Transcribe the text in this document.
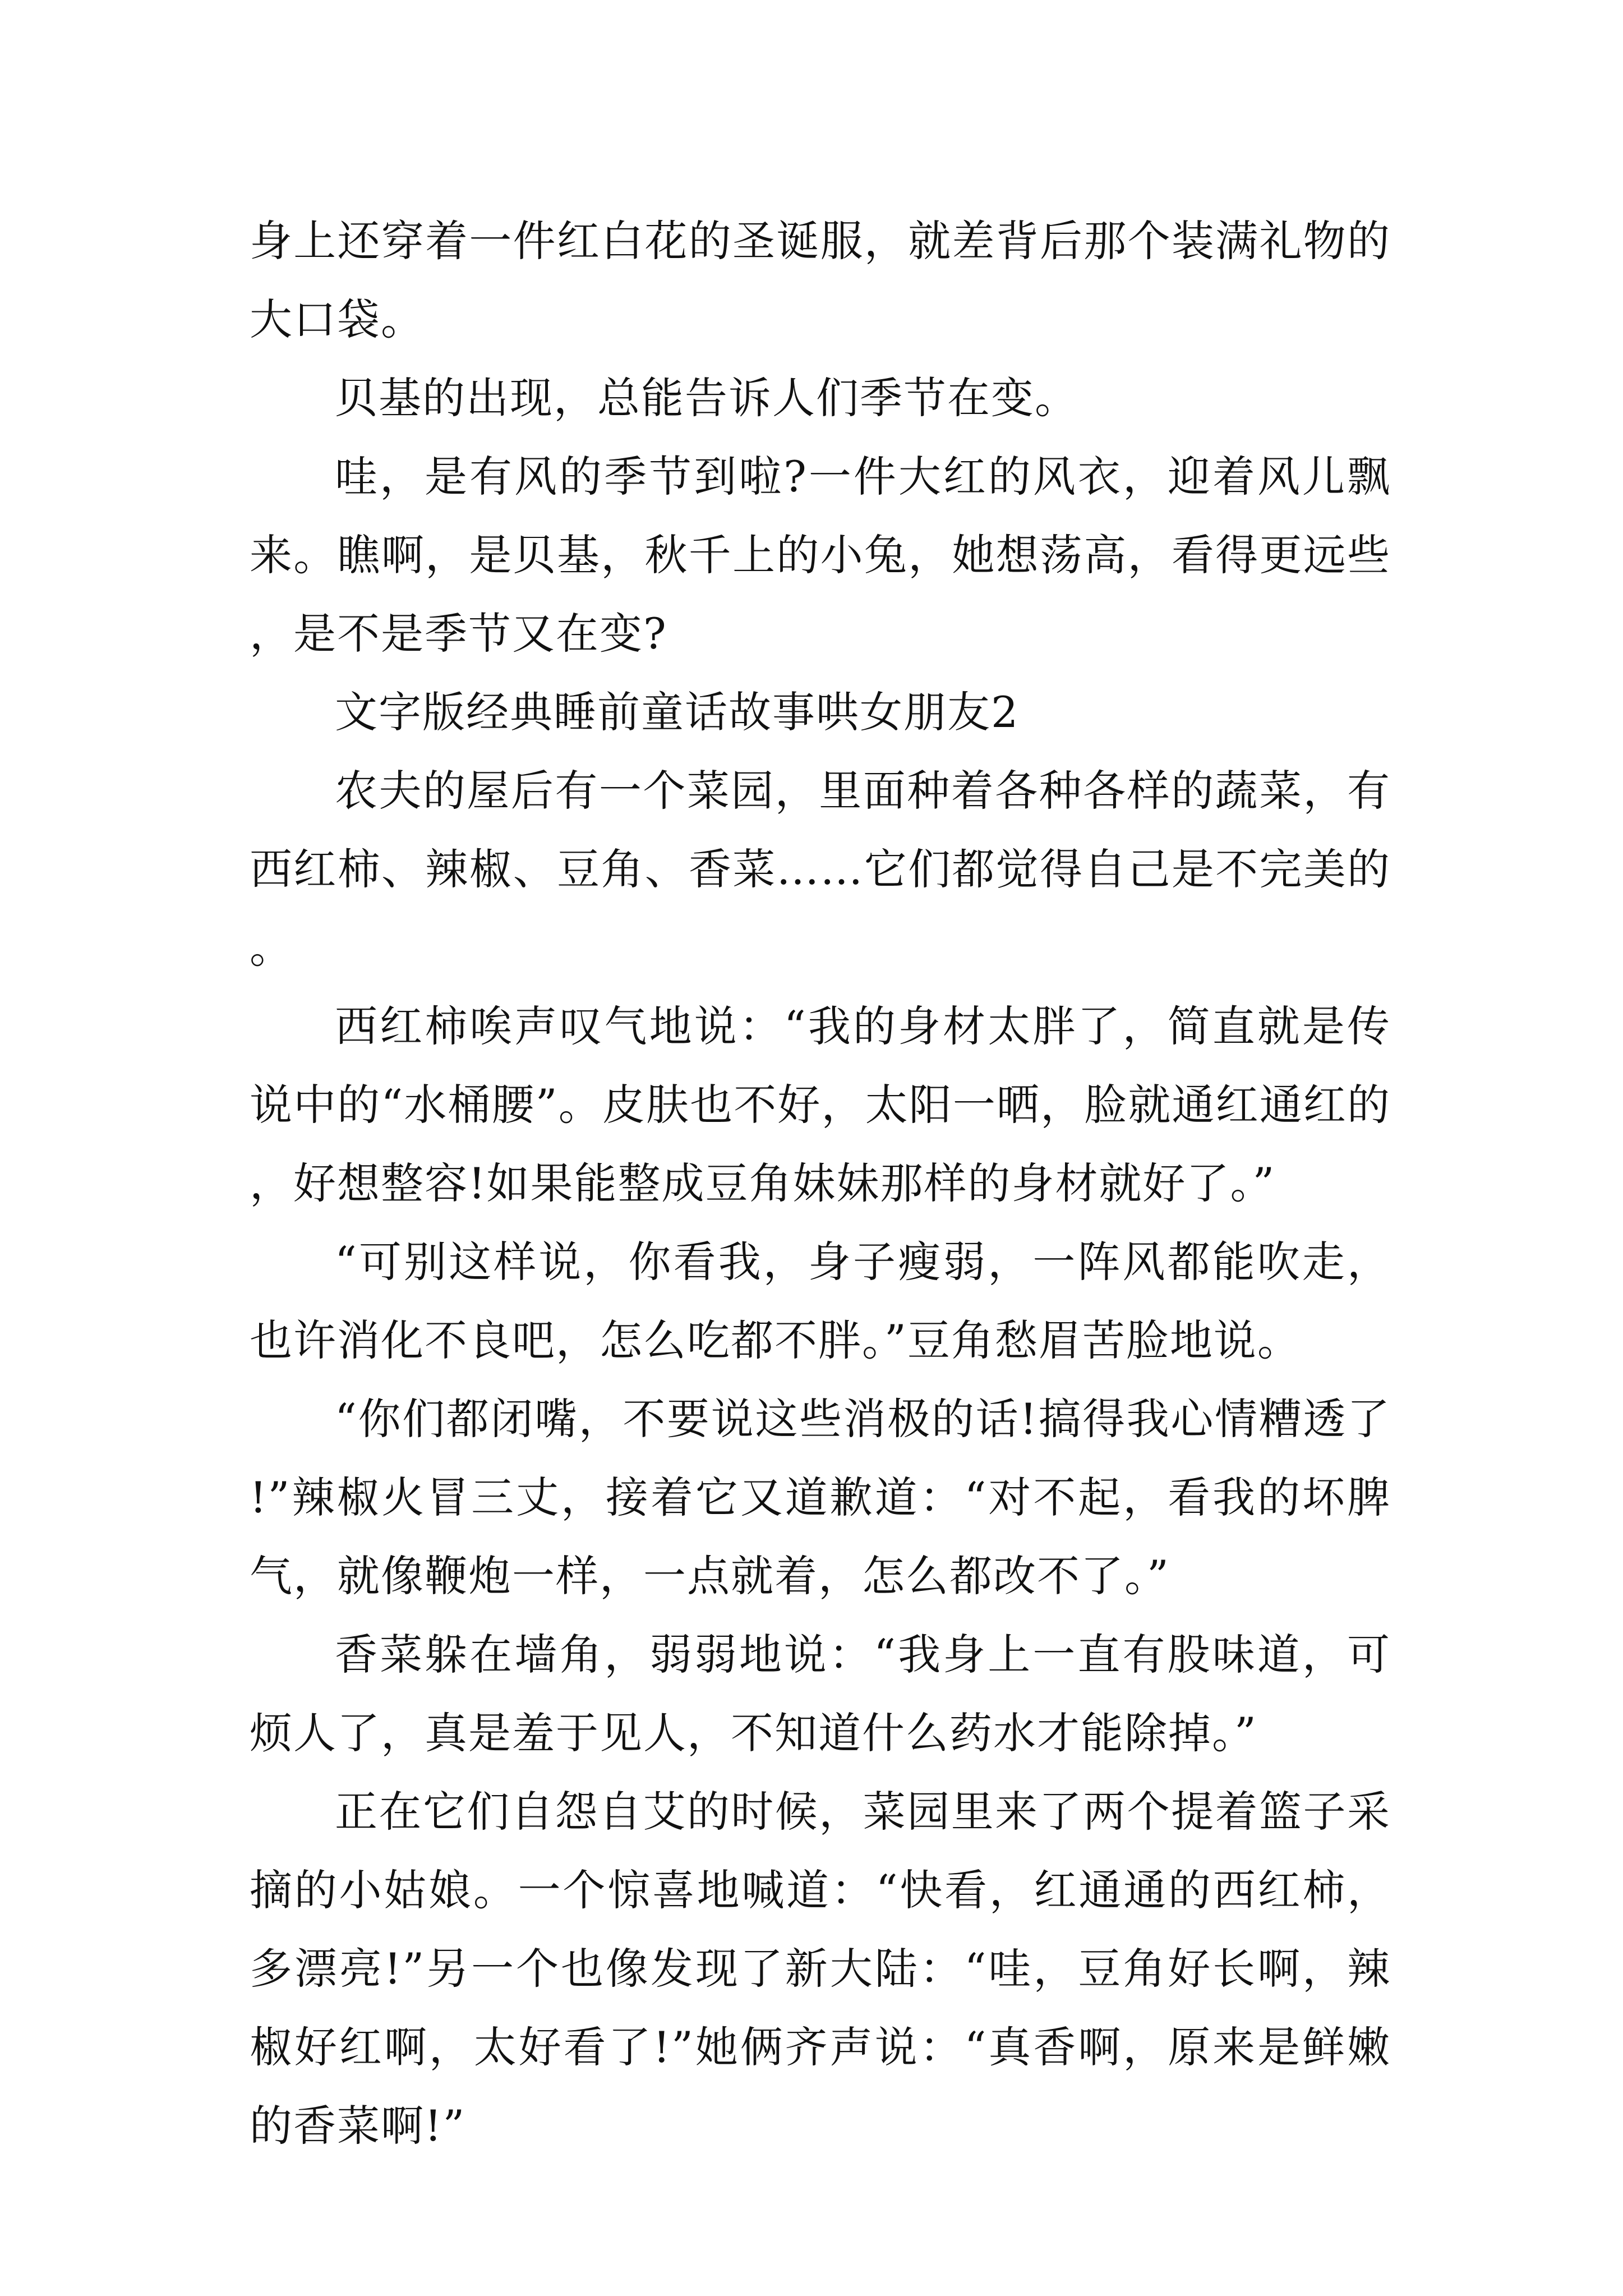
身上还穿着一件红白花的圣诞服，就差背后那个装满礼物的大口袋。

贝基的出现，总能告诉人们季节在变。

哇，是有风的季节到啦?一件大红的风衣，迎着风儿飘来。瞧啊，是贝基，秋千上的小兔，她想荡高，看得更远些，是不是季节又在变?

文字版经典睡前童话故事哄女朋友2

农夫的屋后有一个菜园，里面种着各种各样的蔬菜，有西红柿、辣椒、豆角、香菜……它们都觉得自己是不完美的。

西红柿唉声叹气地说：“我的身材太胖了，简直就是传说中的“水桶腰”。皮肤也不好，太阳一晒，脸就通红通红的，好想整容!如果能整成豆角妹妹那样的身材就好了。”

“可别这样说，你看我，身子瘦弱，一阵风都能吹走，也许消化不良吧，怎么吃都不胖。”豆角愁眉苦脸地说。

“你们都闭嘴，不要说这些消极的话!搞得我心情糟透了!”辣椒火冒三丈，接着它又道歉道：“对不起，看我的坏脾气，就像鞭炮一样，一点就着，怎么都改不了。”

香菜躲在墙角，弱弱地说：“我身上一直有股味道，可烦人了，真是羞于见人，不知道什么药水才能除掉。”

正在它们自怨自艾的时候，菜园里来了两个提着篮子采摘的小姑娘。一个惊喜地喊道：“快看，红通通的西红柿，多漂亮!”另一个也像发现了新大陆：“哇，豆角好长啊，辣椒好红啊，太好看了!”她俩齐声说：“真香啊，原来是鲜嫩的香菜啊!”
